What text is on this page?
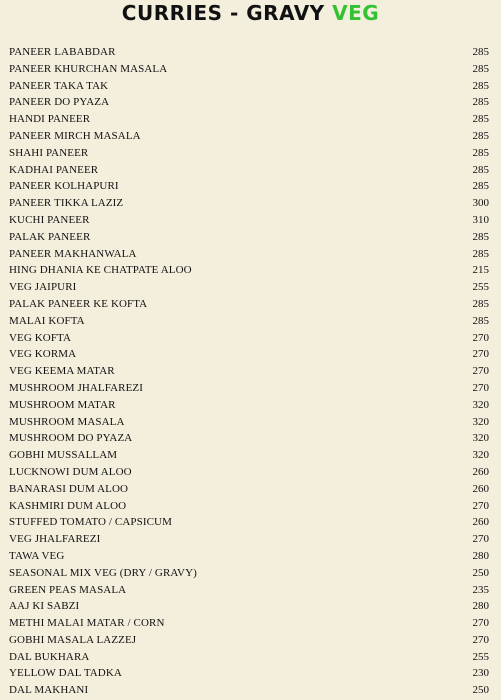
CURRIES - GRAVY VEG
PANEER LABABDAR	285
PANEER KHURCHAN MASALA	285
PANEER TAKA TAK	285
PANEER DO PYAZA	285
HANDI PANEER	285
PANEER MIRCH MASALA	285
SHAHI PANEER	285
KADHAI PANEER	285
PANEER KOLHAPURI	285
PANEER TIKKA LAZIZ	300
KUCHI PANEER	310
PALAK PANEER	285
PANEER MAKHANWALA	285
HING DHANIA KE CHATPATE ALOO	215
VEG JAIPURI	255
PALAK PANEER KE KOFTA	285
MALAI KOFTA	285
VEG KOFTA	270
VEG KORMA	270
VEG KEEMA MATAR	270
MUSHROOM JHALFAREZI	270
MUSHROOM MATAR	320
MUSHROOM MASALA	320
MUSHROOM DO PYAZA	320
GOBHI MUSSALLAM	320
LUCKNOWI DUM ALOO	260
BANARASI DUM ALOO	260
KASHMIRI DUM ALOO	270
STUFFED TOMATO / CAPSICUM	260
VEG JHALFAREZI	270
TAWA VEG	280
SEASONAL MIX VEG (DRY / GRAVY)	250
GREEN PEAS MASALA	235
AAJ KI SABZI	280
METHI MALAI MATAR / CORN	270
GOBHI MASALA LAZZEJ	270
DAL BUKHARA	255
YELLOW DAL TADKA	230
DAL MAKHANI	250
